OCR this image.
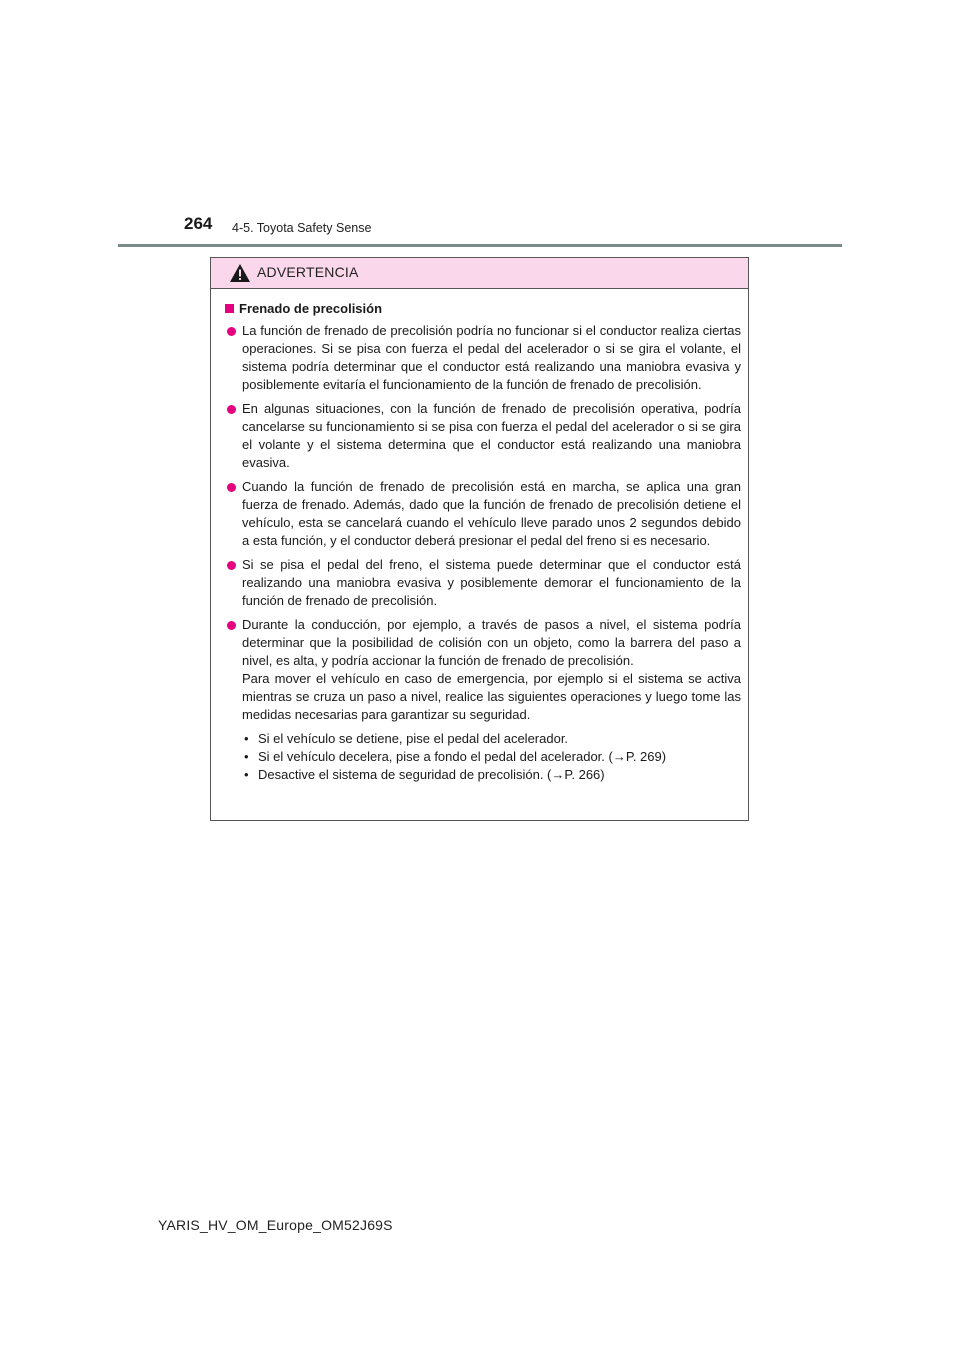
264 4-5. Toyota Safety Sense
ADVERTENCIA
Frenado de precolisión

La función de frenado de precolisión podría no funcionar si el conductor realiza ciertas operaciones. Si se pisa con fuerza el pedal del acelerador o si se gira el volante, el sistema podría determinar que el conductor está realizando una maniobra evasiva y posiblemente evitaría el funcionamiento de la función de frenado de precolisión.

En algunas situaciones, con la función de frenado de precolisión operativa, podría cancelarse su funcionamiento si se pisa con fuerza el pedal del acelerador o si se gira el volante y el sistema determina que el conductor está realizando una maniobra evasiva.

Cuando la función de frenado de precolisión está en marcha, se aplica una gran fuerza de frenado. Además, dado que la función de frenado de precolisión detiene el vehículo, esta se cancelará cuando el vehículo lleve parado unos 2 segundos debido a esta función, y el conductor deberá presionar el pedal del freno si es necesario.

Si se pisa el pedal del freno, el sistema puede determinar que el conductor está realizando una maniobra evasiva y posiblemente demorar el funcionamiento de la función de frenado de precolisión.

Durante la conducción, por ejemplo, a través de pasos a nivel, el sistema podría determinar que la posibilidad de colisión con un objeto, como la barrera del paso a nivel, es alta, y podría accionar la función de frenado de precolisión.

Para mover el vehículo en caso de emergencia, por ejemplo si el sistema se activa mientras se cruza un paso a nivel, realice las siguientes operaciones y luego tome las medidas necesarias para garantizar su seguridad.

• Si el vehículo se detiene, pise el pedal del acelerador.
• Si el vehículo decelera, pise a fondo el pedal del acelerador. (→P. 269)
• Desactive el sistema de seguridad de precolisión. (→P. 266)
YARIS_HV_OM_Europe_OM52J69S
